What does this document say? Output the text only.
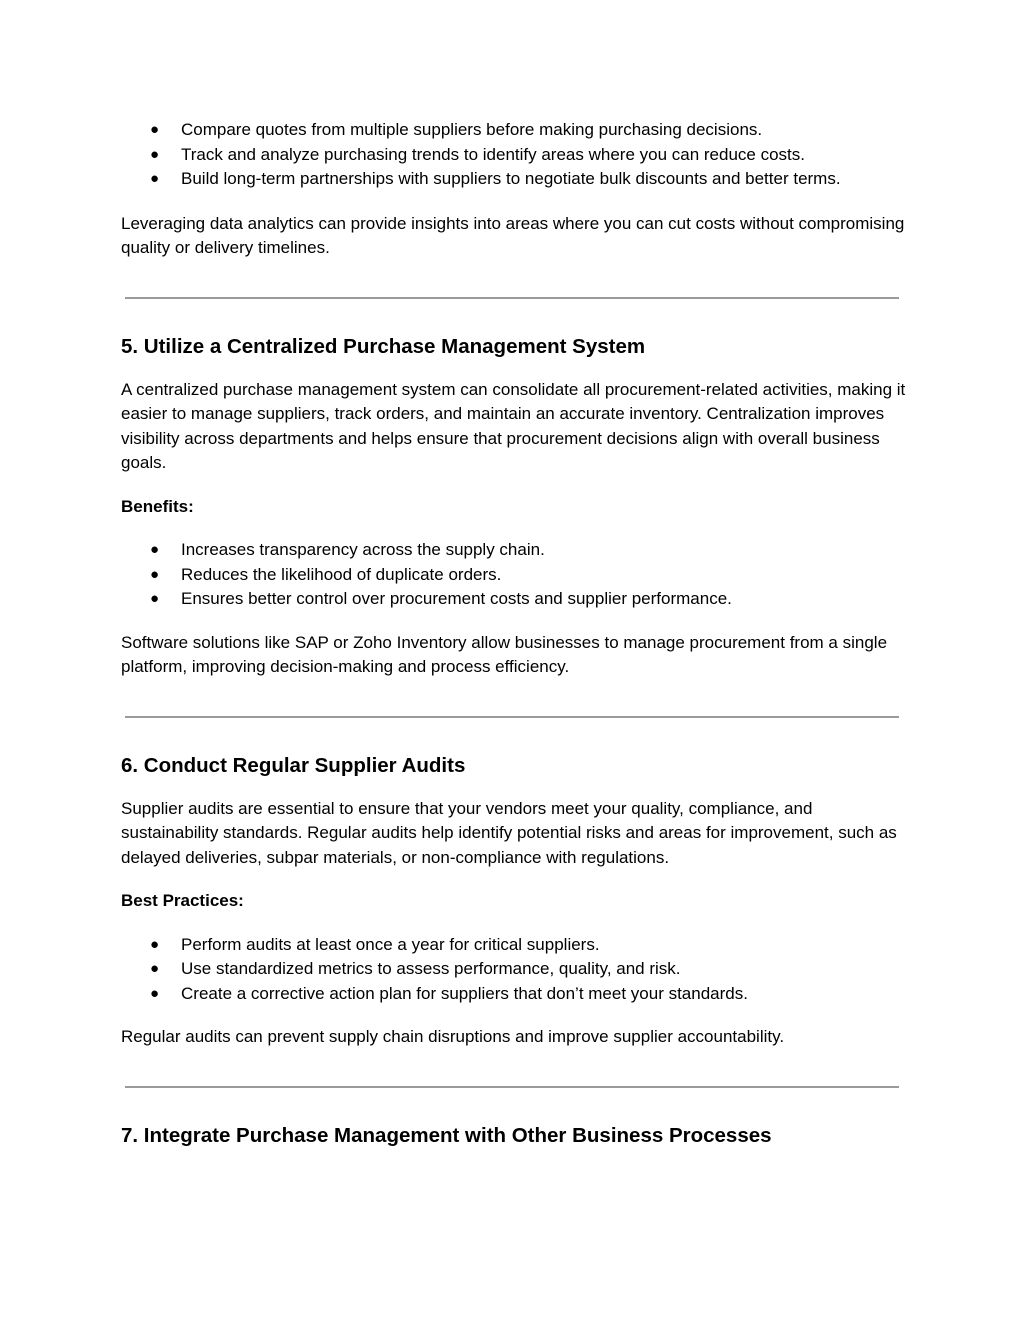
● Compare quotes from multiple suppliers before making purchasing decisions.
● Track and analyze purchasing trends to identify areas where you can reduce costs.
● Build long-term partnerships with suppliers to negotiate bulk discounts and better terms.

Leveraging data analytics can provide insights into areas where you can cut costs without compromising quality or delivery timelines.

5. Utilize a Centralized Purchase Management System

A centralized purchase management system can consolidate all procurement-related activities, making it easier to manage suppliers, track orders, and maintain an accurate inventory. Centralization improves visibility across departments and helps ensure that procurement decisions align with overall business goals.

Benefits:

● Increases transparency across the supply chain.
● Reduces the likelihood of duplicate orders.
● Ensures better control over procurement costs and supplier performance.

Software solutions like SAP or Zoho Inventory allow businesses to manage procurement from a single platform, improving decision-making and process efficiency.

6. Conduct Regular Supplier Audits

Supplier audits are essential to ensure that your vendors meet your quality, compliance, and sustainability standards. Regular audits help identify potential risks and areas for improvement, such as delayed deliveries, subpar materials, or non-compliance with regulations.

Best Practices:

● Perform audits at least once a year for critical suppliers.
● Use standardized metrics to assess performance, quality, and risk.
● Create a corrective action plan for suppliers that don’t meet your standards.

Regular audits can prevent supply chain disruptions and improve supplier accountability.

7. Integrate Purchase Management with Other Business Processes
